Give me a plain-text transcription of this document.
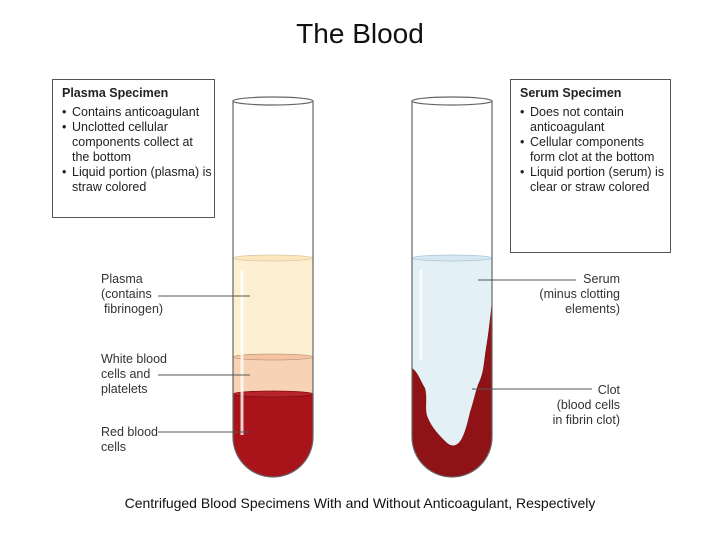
The Blood
Plasma Specimen
• Contains anticoagulant
• Unclotted cellular components collect at the bottom
• Liquid portion (plasma) is straw colored
Serum Specimen
• Does not contain anticoagulant
• Cellular components form clot at the bottom
• Liquid portion (serum) is clear or straw colored
Plasma
(contains
fibrinogen)
White blood
cells and
platelets
Red blood
cells
Serum
(minus clotting
elements)
Clot
(blood cells
in fibrin clot)
Centrifuged Blood Specimens With and Without Anticoagulant, Respectively
